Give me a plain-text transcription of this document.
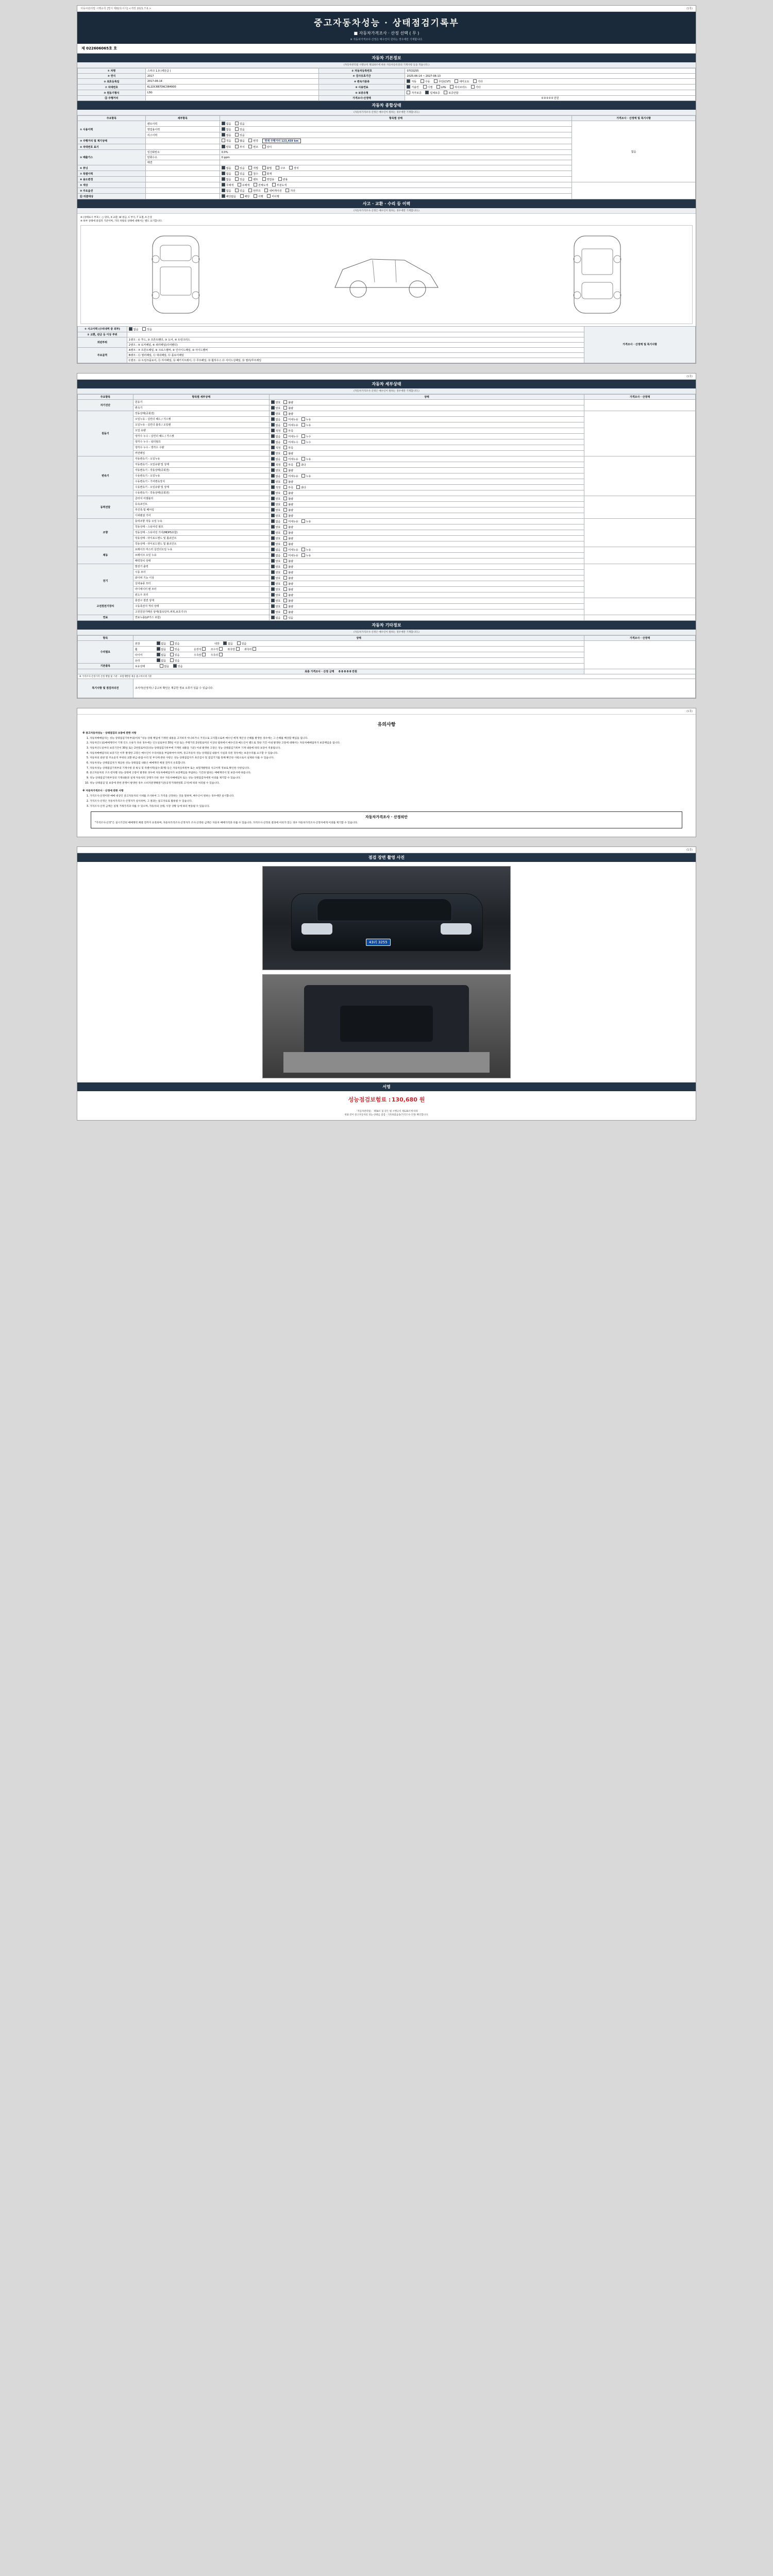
자동차관리법 시행규칙 [별지 제82호서식] <개정 2021.7.6.>	(1쪽)
중고자동차성능 · 상태점검기록부
■ 자동차가격조사 · 산정 선택 ( 무 )
※ 자동차가격조사·산정은 매수인이 원하는 경우에만 기재합니다.
제 022606065호 호
자동차 기본정보
(자동차관리법 시행규칙 제120조에 따른 자동차등록증의 기재사항 등을 적습니다.)
① 차명	스파크 1.0 (세단급 )	② 자동차등록번호	07O3255
③ 연식	2017	④ 검사유효기간	2025-06-14 ~ 2027-06-13
⑤ 최초등록일	2017-06-14	⑥ 변속기종류	자동 수동 무단(CVT) 세미오토 기타
⑦ 차대번호	KL1DC6B7DKC084900	⑧ 사용연료	가솔린 디젤 LPG 하이브리드 기타
⑨ 원동기형식	LSG	⑩ 보증유형	자가보증 업체보증 보증안함
⑪ 주행거리		가격조사·산정액	0 0 0 0 0 만원
자동차 종합상태
(자동차가격조사·산정은 매수인이 원하는 경우에만 기재합니다.)
주요항목	세부항목	항목별 상태	가격조사 · 산정액 및 특기사항
① 사용이력	렌트이력	없음 있음	없음
	영업용이력	없음 있음	
	리스이력	없음 있음	
③ 주행거리 및 계기상태		적음 많음 변경 현재 주행거리 123,459 km	
④ 차대번호 표기		양호 부식 변조 상이	
⑤ 배출가스	일산화탄소	0.0%	
	탄화수소	0 ppm	
	매연		
⑥ 튜닝		없음 있음 적법 불법 구조 장치	
⑦ 특별이력		없음 있음 침수 화재	
⑧ 용도변경		없음 있음 렌트 영업용 관용	
⑨ 색상		무채색 유채색 전체도색 부분도색	
⑩ 주요옵션		없음 있음 썬루프 내비게이션 기타	
⑪ 리콜대상		해당없음 해당 이행 미이행	
사고 · 교환 · 수리 등 이력
(자동차가격조사·산정은 매수인이 원하는 경우에만 기재합니다.)
※ (상태표시 부호) : ○ 양호, X 교환, W 판금, C 부식, T 요철, A 손상
※ 하부 상태에 중점적 기준이며, 기타 차량의 상태에 대해서는 별도 표기합니다.
① 사고이력 (수리내역 중 외부)	없음 있음	가격조사 · 산정액 및 특기사항
② 교환, 판금 등 이상 부위		
외판부위	1랭크 : ① 후드, ② 프론트휀더, ③ 도어, ④ 트렁크리드	
	2랭크 : ⑤ 로커패널, ⑥ 쿼터패널(리어휀더)	
주요골격	A랭크 : ⑦ 프론트패널, ⑧ 크로스멤버, ⑨ 인사이드패널, ⑩ 사이드멤버	
	B랭크 : ⑪ 필러패널, ⑫ 대쉬패널, ⑬ 플로어패널	
	C랭크 : ⑭ 트렁크플로어, ⑮ 리어패널, ⑯ 패키지트레이, ⑰ 루프패널, ⑱ 휠하우스 ⑲ 사이드실패널, ⑳ 필러/루프레일	
(1쪽)
자동차 세부상태
(자동차가격조사·산정은 매수인이 원하는 경우에만 기재합니다.)
주요항목	항목별 세부상태	상태	가격조사 · 산정액
자기진단	원동기	양호 불량	
	변속기	양호 불량	
원동기	작동상태(공회전)	양호 불량	
	오일누유 - 실린더 헤드 / 가스켓	없음 미세누유 누유	
	오일누유 - 실린더 블록 / 오일팬	없음 미세누유 누유	
	오일 유량	적정 부족	
	냉각수 누수 - 실린더 헤드 / 가스켓	없음 미세누수 누수	
	냉각수 누수 - 워터펌프	없음 미세누수 누수	
	냉각수 누수 - 냉각수 수량	적정 부족	
	커먼레일	양호 불량	
변속기	자동변속기 - 오일누유	없음 미세누유 누유	
	자동변속기 - 오일유량 및 상태	적정 부족 과다	
	자동변속기 - 작동상태(공회전)	양호 불량	
	수동변속기 - 오일누유	없음 미세누유 누유	
	수동변속기 - 기어변속장치	양호 불량	
	수동변속기 - 오일유량 및 상태	적정 부족 과다	
	수동변속기 - 작동상태(공회전)	양호 불량	
동력전달	클러치 어셈블리	양호 불량	
	등속죠인트	양호 불량	
	추진축 및 베어링	양호 불량	
	디퍼렌셜 기어	양호 불량	
조향	동력조향 작동 오일 누유	없음 미세누유 누유	
	작동상태 - 스티어링 펌프	양호 불량	
	작동상태 - 스티어링 기어(MDPS포함)	양호 불량	
	작동상태 - 타이로드엔드 및 볼죠인트	양호 불량	
	작동상태 - 타이로드엔드 및 볼조인트	양호 불량	
제동	브레이크 마스터 실린더오일 누유	없음 미세누유 누유	
	브레이크 오일 누유	없음 미세누유 누유	
	배력장치 상태	양호 불량	
전기	발전기 출력	양호 불량	
	시동 모터	양호 불량	
	와이퍼 기능 이상	양호 불량	
	실내송풍 모터	양호 불량	
	라디에이터 팬 모터	양호 불량	
	윈도우 모터	양호 불량	
고전원전기장치	충전구 절연 상태	양호 불량	
	구동축전지 격리 상태	양호 불량	
	고전원전기배선 상태(접속단자,피복,보호기구)	양호 불량	
연료	연료누출(LP가스 포함)	없음 있음	
자동차 기타정보
(자동차가격조사·산정은 매수인이 원하는 경우에만 기재합니다.)
항목	상태	가격조사 · 산정액
수리필요	외장 없음 있음 내장 없음 있음	
	휠 없음 있음 운전석 조수석 좌측앞 좌측뒤	
	타이어 없음 있음 우측앞 우측뒤	
	유리 없음 있음	
기본품목	보유상태 없음 있음	
최종 가격조사 · 산정 금액 0 0 0 0 0 만원		
※ 가격조사·산정가격 산정 방법 및 기준 : 보험개발원 제공 중고차시세 기준		
특기사항 및 점검자의견	조사자(산정자) / 중고차 확인은 제공한 정보 오류가 있을 수 있습니다.	
(1쪽)
유의사항

※ 중고자동차성능 · 상태점검의 보증에 관한 사항

1. 자동차매매업자는 성능·상태점검기록부의(이하 "성능·상태 책임에 기재된 내용을 고지하지 아니하거나 거짓으로 고지함으로써 매수인 에게 재산상 손해를 발생한 경우에는 그 손해를 배상할 책임을 집니다.
2. 자동차인도일(매매계약서 기재 인도 오류가 다른 경우에는 인도일로부터 30일 이상 또는 주행거리 2천킬로미터 이상의 범위에서 매수인과 매도인이 별도로 정한 기간 이내 발생한 고장에 대해서는 자동차매매업자가 보증책임을 집니다.
3. 자동차인도일부터 보증기간이 30일 또는 2천킬로미터(성능·상태점검기록부에 기재된 내용을 기준) 이내 발생한 고장은 성능·상태점검기록부 기재 내용에 따라 보증이 적용됩니다.
4. 자동차매매업자의 보증기간 이후 발생한 고장은 매수인이 수리비용을 부담하여야 하며, 중고자동차 성능·상태점검 내용이 사실과 다른 경우에는 보증수리를 요구할 수 있습니다.
5. 자동차의 외판 및 주요골격 부위의 교환·판금·용접·수리 및 부식에 관한 사항은 성능·상태점검자가 육안검사 및 점검기기를 통해 확인한 사항으로서 실제와 다를 수 있습니다.
6. 자동차성능·상태점검자가 제공한 성능·상태점검 내용은 매매계약 체결 전까지 유효합니다.
7. 자동차성능·상태점검기록부의 기재사항 중 튜닝 및 특별이력(침수·화재) 등은 자동차등록원부 또는 보험개발원의 사고이력 정보로 확인한 사항입니다.
8. 중고자동차의 구조·장치별 성능·상태에 고장이 발생한 경우에 자동차매매업자가 보증책임을 부담하는 기간과 범위는 매매계약서 및 보증서에 따릅니다.
9. 성능·상태점검기록부상의 기재내용과 실제 자동차의 상태가 다른 경우 자동차매매업자 또는 성능·상태점검자에게 이의를 제기할 수 있습니다.
10. 성능·상태점검 및 보증에 관한 분쟁이 발생한 경우 소비자분쟁해결기준(공정거래위원회 고시)에 따라 처리될 수 있습니다.

※ 자동차가격조사 · 산정에 관한 사항

1. 가격조사·산정이란 매매 대상인 중고자동차의 시세를 조사하여 그 가격을 산정하는 것을 말하며, 매수인이 원하는 경우에만 실시합니다.
2. 가격조사·산정은 자동차가격조사·산정자가 실시하며, 그 결과는 참고자료로 활용될 수 있습니다.
3. 가격조사·산정 금액은 실제 거래가격과 다를 수 있으며, 자동차의 상태, 시장 상황 등에 따라 변동될 수 있습니다.
자동차가격조사 · 산정의안
"가격조사·산정"은 실시기간의 매매계약 체결 전까지 유효하며, 자동차가격조사·산정자가 조사·산정한 금액은 자동차 매매가격과 다를 수 있습니다. 가격조사·산정의 결과에 이의가 있는 경우 자동차가격조사·산정자에게 이의를 제기할 수 있습니다.
(1쪽)
점검 장면 촬영 사진
43러 3255
서명
성능점검보험료 : 130,680 원
「자동차관리법」 제58조 및 같은 법 시행규칙 제120조에 따라
위와 같이 중고자동차의 성능·상태를 점검 · 기록하였음을(가격조사·산정) 확인합니다.
